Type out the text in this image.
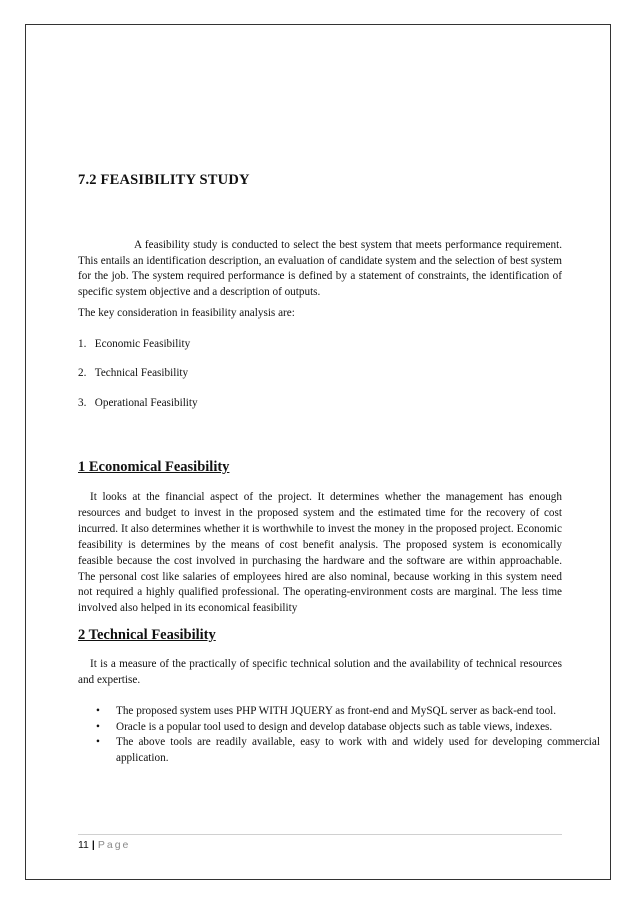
7.2 FEASIBILITY STUDY

A feasibility study is conducted to select the best system that meets performance requirement. This entails an identification description, an evaluation of candidate system and the selection of best system for the job. The system required performance is defined by a statement of constraints, the identification of specific system objective and a description of outputs.

The key consideration in feasibility analysis are:

1. Economic Feasibility
2. Technical Feasibility
3. Operational Feasibility
1 Economical Feasibility

It looks at the financial aspect of the project. It determines whether the management has enough resources and budget to invest in the proposed system and the estimated time for the recovery of cost incurred. It also determines whether it is worthwhile to invest the money in the proposed project. Economic feasibility is determines by the means of cost benefit analysis. The proposed system is economically feasible because the cost involved in purchasing the hardware and the software are within approachable. The personal cost like salaries of employees hired are also nominal, because working in this system need not required a highly qualified professional. The operating-environment costs are marginal. The less time involved also helped in its economical feasibility

2 Technical Feasibility

It is a measure of the practically of specific technical solution and the availability of technical resources and expertise.

• The proposed system uses PHP WITH JQUERY as front-end and MySQL server as back-end tool.
• Oracle is a popular tool used to design and develop database objects such as table views, indexes.
• The above tools are readily available, easy to work with and widely used for developing commercial application.
11 | Page
